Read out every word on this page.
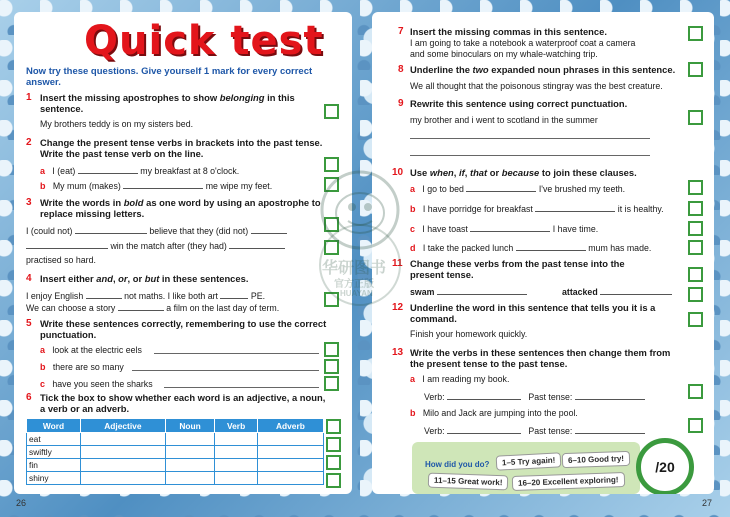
Quick test
Now try these questions. Give yourself 1 mark for every correct answer.
1 Insert the missing apostrophes to show belonging in this sentence.
My brothers teddy is on my sisters bed.
2 Change the present tense verbs in brackets into the past tense. Write the past tense verb on the line.
a I (eat)	my breakfast at 8 o'clock.
b My mum (makes)	me wipe my feet.
3 Write the words in bold as one word by using an apostrophe to replace missing letters.
I (could not)	believe that they (did not)
win the match after (they had)
practised so hard.
4 Insert either and, or, or but in these sentences.
I enjoy English	not maths. I like both art	PE.
We can choose a story	a film on the last day of term.
5 Write these sentences correctly, remembering to use the correct punctuation.
a look at the electric eels
b there are so many
c have you seen the sharks
6 Tick the box to show whether each word is an adjective, a noun, a verb or an adverb.
Word	Adjective	Noun	Verb	Adverb
eat				
swiftly				
fin				
shiny				
26
7 Insert the missing commas in this sentence.
I am going to take a notebook a waterproof coat a camera
and some binoculars on my whale-watching trip.
8 Underline the two expanded noun phrases in this sentence.
We all thought that the poisonous stingray was the best creature.
9 Rewrite this sentence using correct punctuation.
my brother and i went to scotland in the summer
10 Use when, if, that or because to join these clauses.
a I go to bed	I've brushed my teeth.
b I have porridge for breakfast	it is healthy.
c I have toast	I have time.
d I take the packed lunch	mum has made.
11 Change these verbs from the past tense into the present tense.
swam	attacked
12 Underline the word in this sentence that tells you it is a command.
Finish your homework quickly.
13 Write the verbs in these sentences then change them from the present tense to the past tense.
a I am reading my book.
Verb:	Past tense:
b Milo and Jack are jumping into the pool.
Verb:	Past tense:
How did you do?	1–5 Try again!	6–10 Good try!
11–15 Great work!	16–20 Excellent exploring!
/20
27
华研图书
官方正版
HUAYAN
